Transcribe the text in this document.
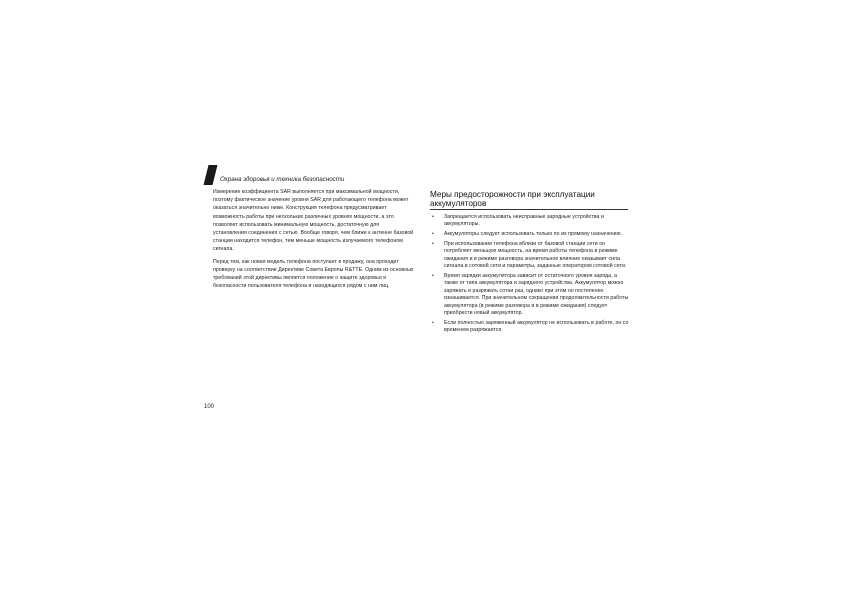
Охрана здоровья и техника безопасности

Измерение коэффициента SAR выполняется при максимальной мощности, поэтому фактическое значение уровня SAR для работающего телефона может оказаться значительно ниже. Конструкция телефона предусматривает возможность работы при нескольких различных уровнях мощности, а это позволяет использовать минимальную мощность, достаточную для установления соединения с сетью. Вообще говоря, чем ближе к антенне базовой станции находится телефон, тем меньше мощность излучаемого телефоном сигнала.

Перед тем, как новая модель телефона поступает в продажу, она проходит проверку на соответствие Директиве Совета Европы R&TTE. Одним из основных требований этой директивы является положение о защите здоровья и безопасности пользователя телефона и находящихся рядом с ним лиц.

Меры предосторожности при эксплуатации аккумуляторов
• Запрещается использовать неисправные зарядные устройства и аккумуляторы.
• Аккумуляторы следует использовать только по их прямому назначению.
• При использовании телефона вблизи от базовой станции сети он потребляет меньшую мощность, на время работы телефона в режиме ожидания и в режиме разговора значительное влияние оказывает сила сигнала в сотовой сети и параметры, заданные оператором сотовой сети.
• Время зарядки аккумулятора зависит от остаточного уровня заряда, а также от типа аккумулятора и зарядного устройства. Аккумулятор можно заряжать и разряжать сотни раз, однако при этом он постепенно изнашивается. При значительном сокращении продолжительности работы аккумулятора (в режиме разговора и в режиме ожидания) следует приобрести новый аккумулятор.
• Если полностью заряженный аккумулятор не использовать в работе, он со временем разряжается.
100
